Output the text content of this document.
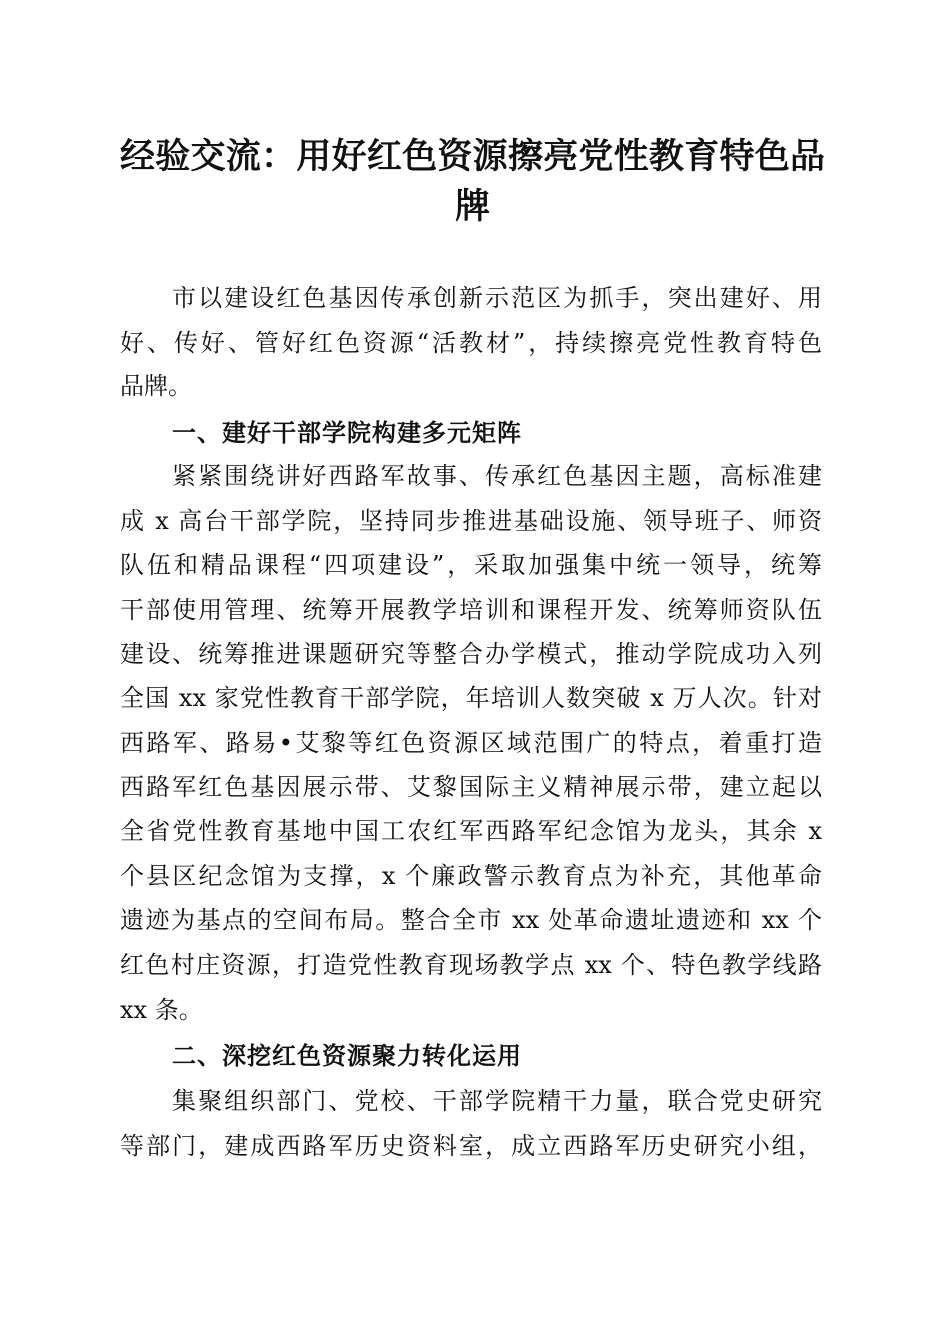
经验交流：用好红色资源擦亮党性教育特色品
牌
市以建设红色基因传承创新示范区为抓手，突出建好、用
好、传好、管好红色资源“活教材”，持续擦亮党性教育特色
品牌。
一、建好干部学院构建多元矩阵
紧紧围绕讲好西路军故事、传承红色基因主题，高标准建
成 x 高台干部学院，坚持同步推进基础设施、领导班子、师资
队伍和精品课程“四项建设”，采取加强集中统一领导，统筹
干部使用管理、统筹开展教学培训和课程开发、统筹师资队伍
建设、统筹推进课题研究等整合办学模式，推动学院成功入列
全国 xx 家党性教育干部学院，年培训人数突破 x 万人次。针对
西路军、路易•艾黎等红色资源区域范围广的特点，着重打造
西路军红色基因展示带、艾黎国际主义精神展示带，建立起以
全省党性教育基地中国工农红军西路军纪念馆为龙头，其余 x
个县区纪念馆为支撑，x 个廉政警示教育点为补充，其他革命
遗迹为基点的空间布局。整合全市 xx 处革命遗址遗迹和 xx 个
红色村庄资源，打造党性教育现场教学点 xx 个、特色教学线路
xx 条。
二、深挖红色资源聚力转化运用
集聚组织部门、党校、干部学院精干力量，联合党史研究
等部门，建成西路军历史资料室，成立西路军历史研究小组，
